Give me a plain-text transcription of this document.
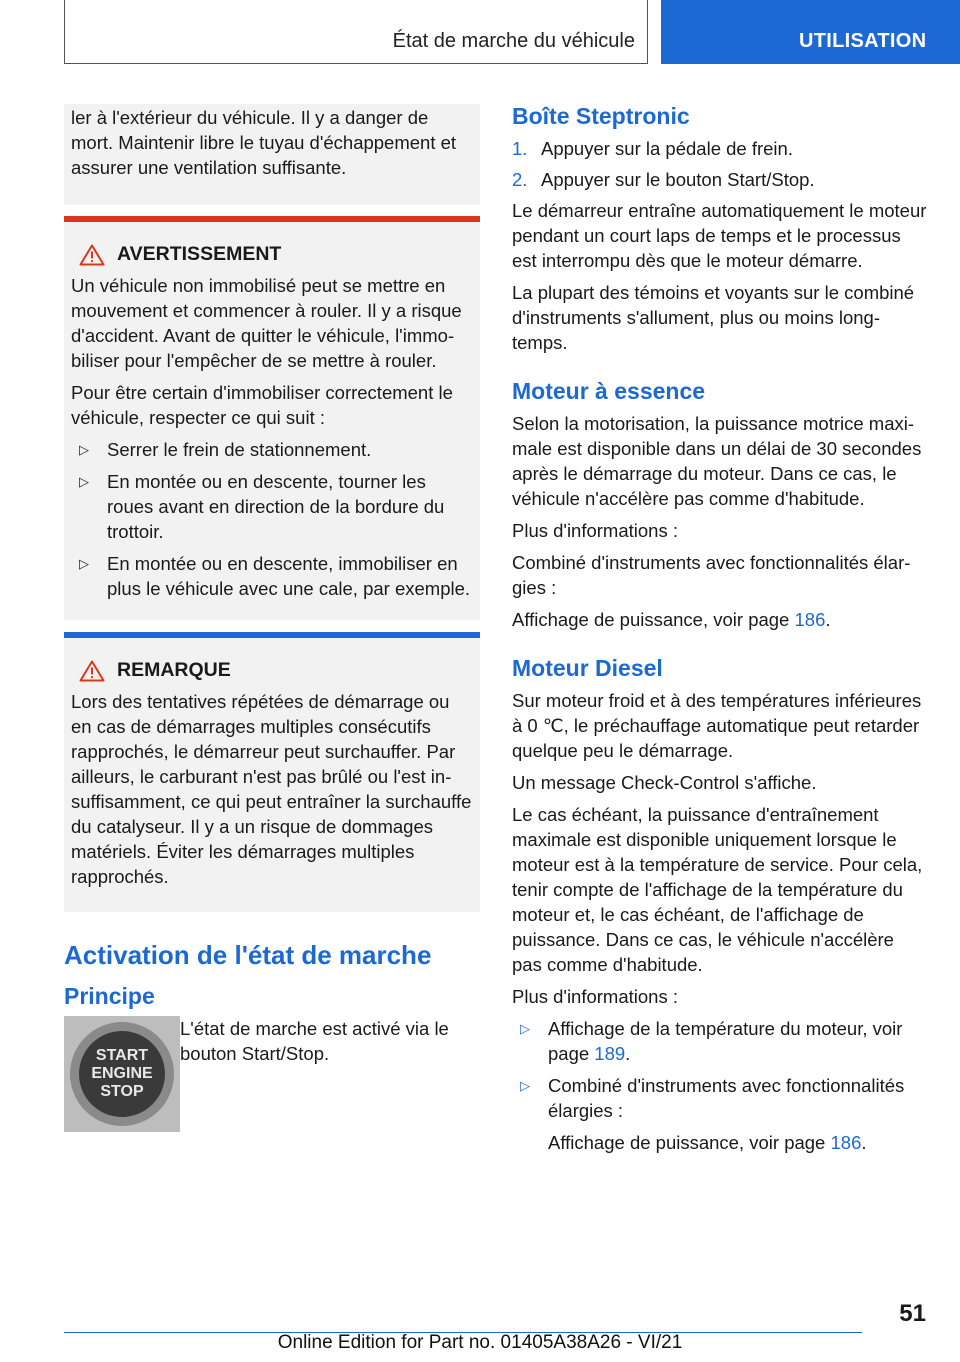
État de marche du véhicule	UTILISATION

ler à l'extérieur du véhicule. Il y a danger de mort. Maintenir libre le tuyau d'échappement et assurer une ventilation suffisante.

AVERTISSEMENT

Un véhicule non immobilisé peut se mettre en mouvement et commencer à rouler. Il y a risque d'accident. Avant de quitter le véhicule, l'immobiliser pour l'empêcher de se mettre à rouler.

Pour être certain d'immobiliser correctement le véhicule, respecter ce qui suit :

▷ Serrer le frein de stationnement.
▷ En montée ou en descente, tourner les roues avant en direction de la bordure du trottoir.
▷ En montée ou en descente, immobiliser en plus le véhicule avec une cale, par exemple.
REMARQUE

Lors des tentatives répétées de démarrage ou en cas de démarrages multiples consécutifs rapprochés, le démarreur peut surchauffer. Par ailleurs, le carburant n'est pas brûlé ou l'est insuffisamment, ce qui peut entraîner la surchauffe du catalyseur. Il y a un risque de dommages matériels. Éviter les démarrages multiples rapprochés.

Activation de l'état de marche
Principe
START
ENGINE
STOP

L'état de marche est activé via le bouton Start/Stop.

Boîte Steptronic
1. Appuyer sur la pédale de frein.
2. Appuyer sur le bouton Start/Stop.

Le démarreur entraîne automatiquement le moteur pendant un court laps de temps et le processus est interrompu dès que le moteur démarre.

La plupart des témoins et voyants sur le combiné d'instruments s'allument, plus ou moins longtemps.

Moteur à essence

Selon la motorisation, la puissance motrice maximale est disponible dans un délai de 30 secondes après le démarrage du moteur. Dans ce cas, le véhicule n'accélère pas comme d'habitude.

Plus d'informations :

Combiné d'instruments avec fonctionnalités élargies :

Affichage de puissance, voir page 186.

Moteur Diesel

Sur moteur froid et à des températures inférieures à 0 ℃, le préchauffage automatique peut retarder quelque peu le démarrage.

Un message Check-Control s'affiche.

Le cas échéant, la puissance d'entraînement maximale est disponible uniquement lorsque le moteur est à la température de service. Pour cela, tenir compte de l'affichage de la température du moteur et, le cas échéant, de l'affichage de puissance. Dans ce cas, le véhicule n'accélère pas comme d'habitude.

Plus d'informations :

▷ Affichage de la température du moteur, voir page 189.
▷ Combiné d'instruments avec fonctionnalités élargies :
Affichage de puissance, voir page 186.
51
Online Edition for Part no. 01405A38A26 - VI/21
